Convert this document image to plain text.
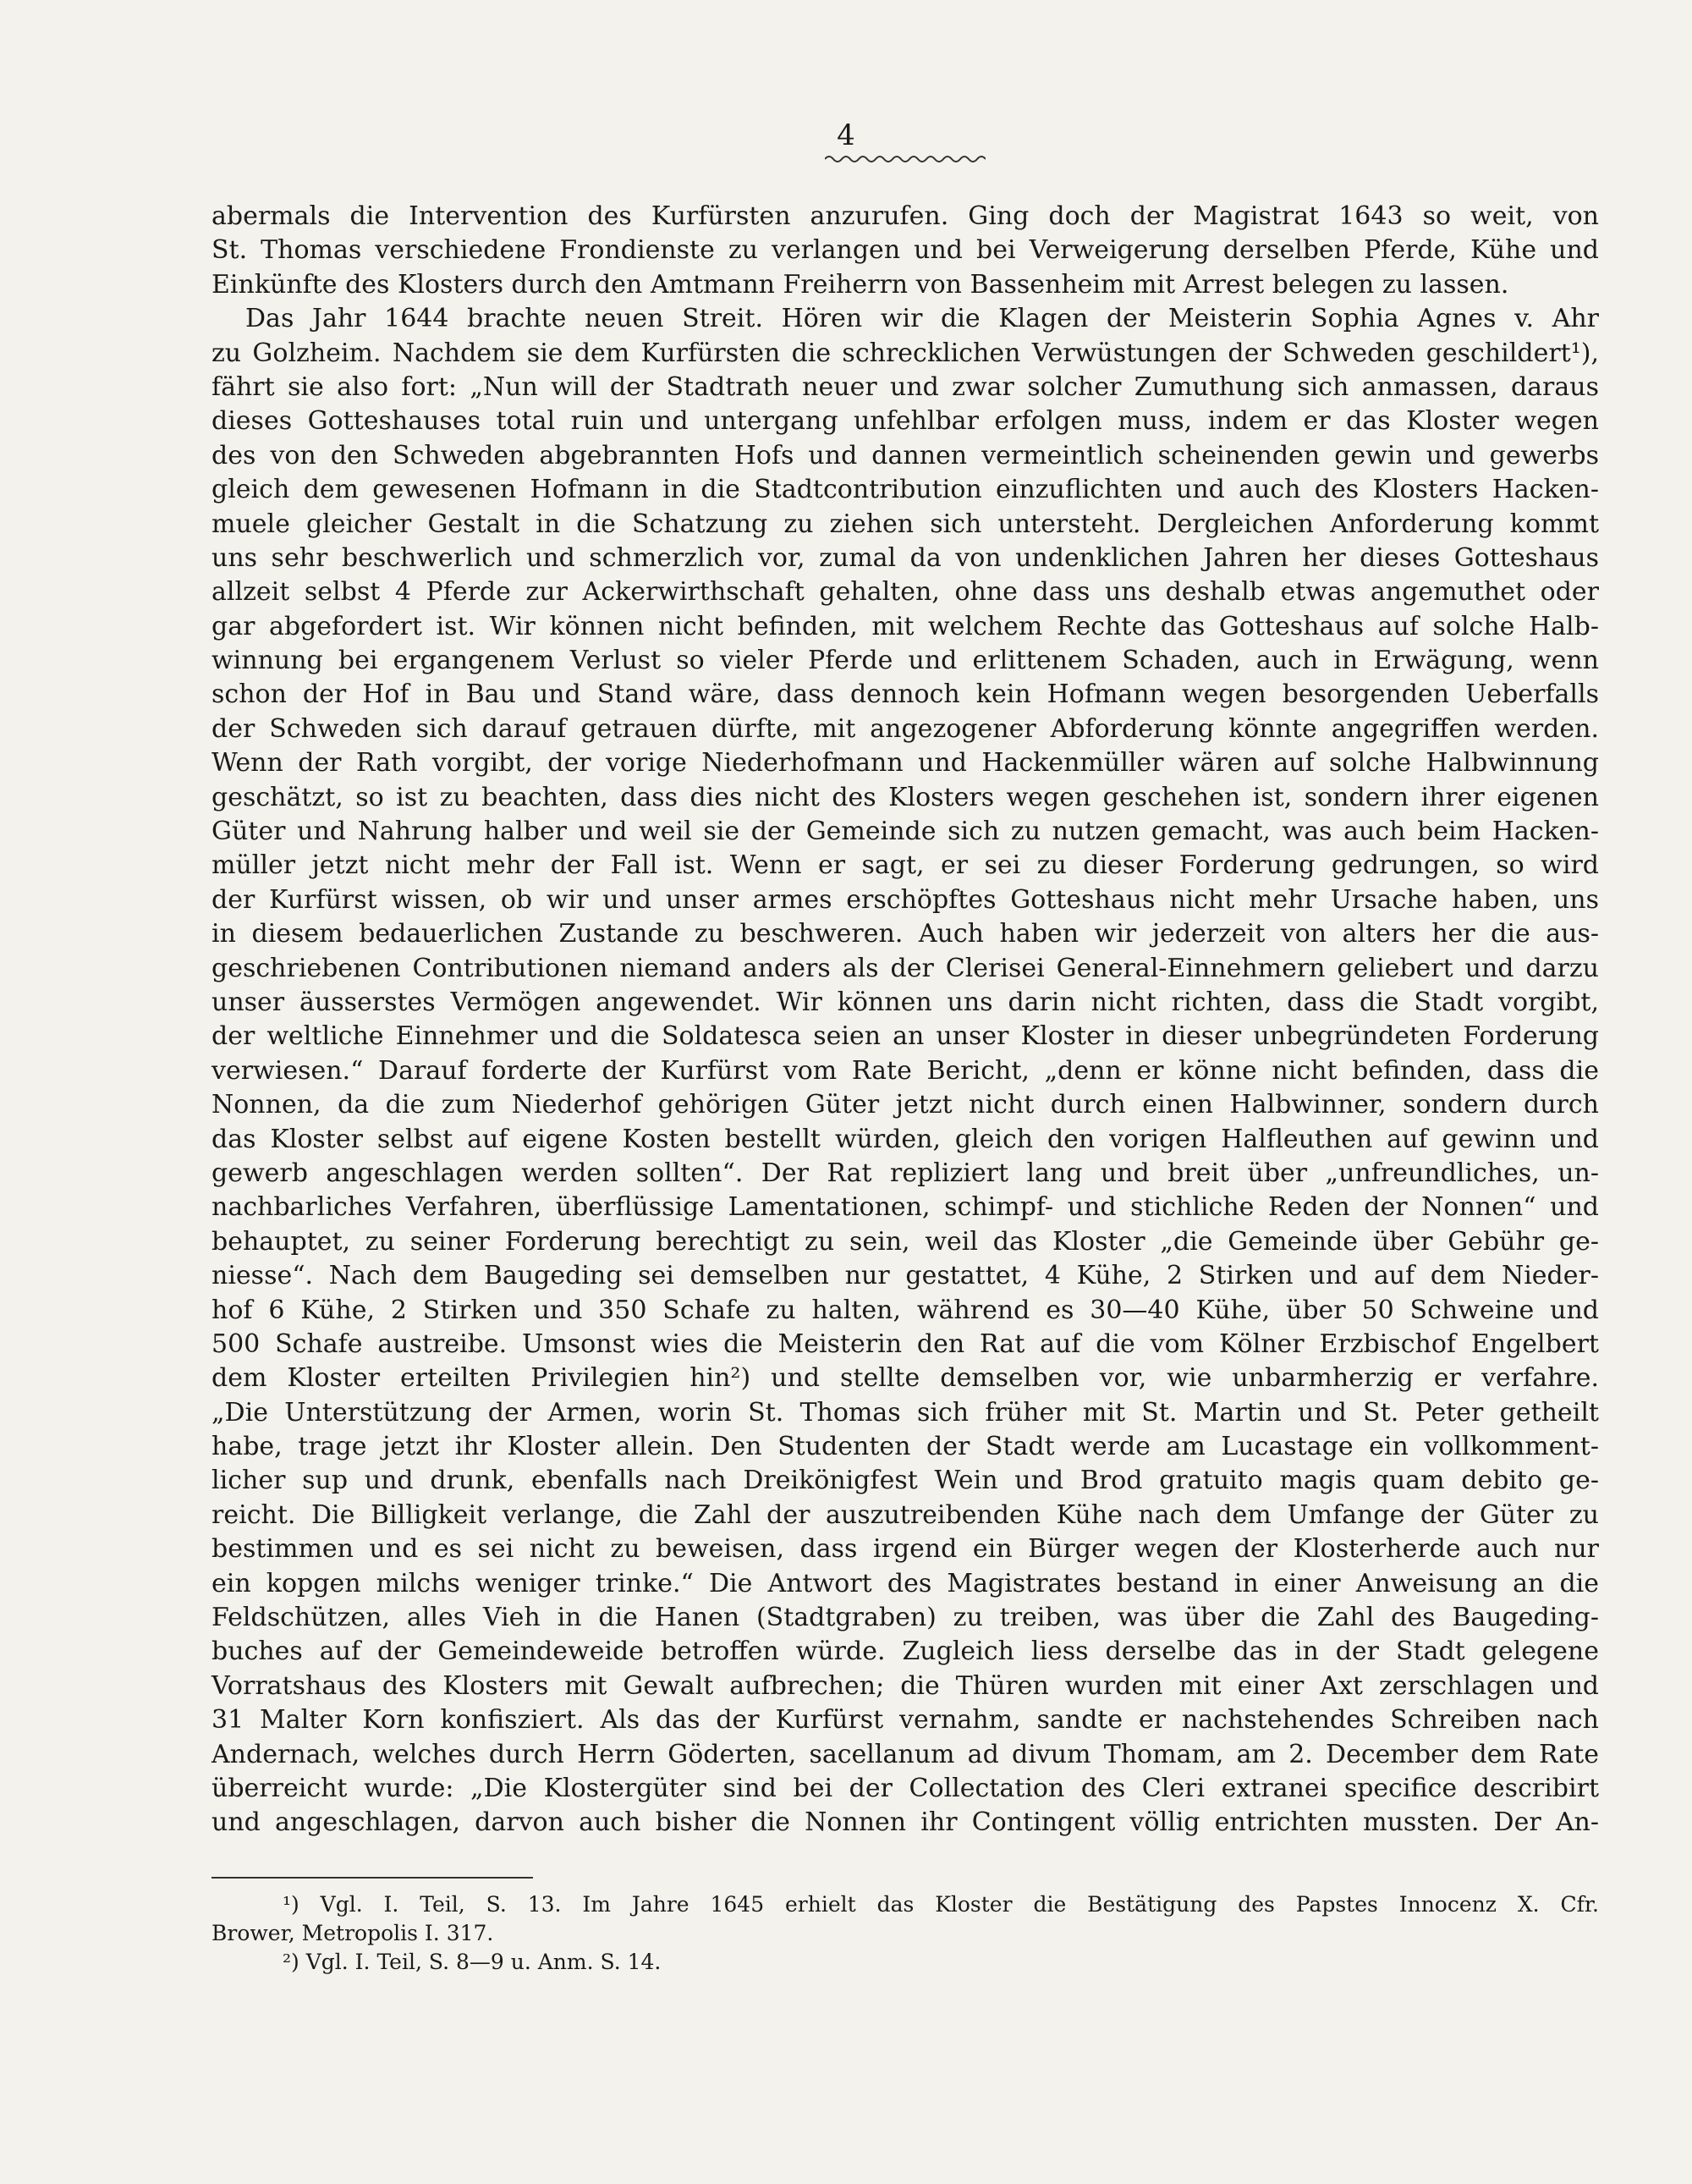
4
abermals die Intervention des Kurfürsten anzurufen. Ging doch der Magistrat 1643 so weit, von
St. Thomas verschiedene Frondienste zu verlangen und bei Verweigerung derselben Pferde, Kühe und
Einkünfte des Klosters durch den Amtmann Freiherrn von Bassenheim mit Arrest belegen zu lassen.
Das Jahr 1644 brachte neuen Streit. Hören wir die Klagen der Meisterin Sophia Agnes v. Ahr
zu Golzheim. Nachdem sie dem Kurfürsten die schrecklichen Verwüstungen der Schweden geschildert¹),
fährt sie also fort: „Nun will der Stadtrath neuer und zwar solcher Zumuthung sich anmassen, daraus
dieses Gotteshauses total ruin und untergang unfehlbar erfolgen muss, indem er das Kloster wegen
des von den Schweden abgebrannten Hofs und dannen vermeintlich scheinenden gewin und gewerbs
gleich dem gewesenen Hofmann in die Stadtcontribution einzuflichten und auch des Klosters Hacken-
muele gleicher Gestalt in die Schatzung zu ziehen sich untersteht. Dergleichen Anforderung kommt
uns sehr beschwerlich und schmerzlich vor, zumal da von undenklichen Jahren her dieses Gotteshaus
allzeit selbst 4 Pferde zur Ackerwirthschaft gehalten, ohne dass uns deshalb etwas angemuthet oder
gar abgefordert ist. Wir können nicht befinden, mit welchem Rechte das Gotteshaus auf solche Halb-
winnung bei ergangenem Verlust so vieler Pferde und erlittenem Schaden, auch in Erwägung, wenn
schon der Hof in Bau und Stand wäre, dass dennoch kein Hofmann wegen besorgenden Ueberfalls
der Schweden sich darauf getrauen dürfte, mit angezogener Abforderung könnte angegriffen werden.
Wenn der Rath vorgibt, der vorige Niederhofmann und Hackenmüller wären auf solche Halbwinnung
geschätzt, so ist zu beachten, dass dies nicht des Klosters wegen geschehen ist, sondern ihrer eigenen
Güter und Nahrung halber und weil sie der Gemeinde sich zu nutzen gemacht, was auch beim Hacken-
müller jetzt nicht mehr der Fall ist. Wenn er sagt, er sei zu dieser Forderung gedrungen, so wird
der Kurfürst wissen, ob wir und unser armes erschöpftes Gotteshaus nicht mehr Ursache haben, uns
in diesem bedauerlichen Zustande zu beschweren. Auch haben wir jederzeit von alters her die aus-
geschriebenen Contributionen niemand anders als der Clerisei General-Einnehmern geliebert und darzu
unser äusserstes Vermögen angewendet. Wir können uns darin nicht richten, dass die Stadt vorgibt,
der weltliche Einnehmer und die Soldatesca seien an unser Kloster in dieser unbegründeten Forderung
verwiesen.“ Darauf forderte der Kurfürst vom Rate Bericht, „denn er könne nicht befinden, dass die
Nonnen, da die zum Niederhof gehörigen Güter jetzt nicht durch einen Halbwinner, sondern durch
das Kloster selbst auf eigene Kosten bestellt würden, gleich den vorigen Halfleuthen auf gewinn und
gewerb angeschlagen werden sollten“. Der Rat repliziert lang und breit über „unfreundliches, un-
nachbarliches Verfahren, überflüssige Lamentationen, schimpf- und stichliche Reden der Nonnen“ und
behauptet, zu seiner Forderung berechtigt zu sein, weil das Kloster „die Gemeinde über Gebühr ge-
niesse“. Nach dem Baugeding sei demselben nur gestattet, 4 Kühe, 2 Stirken und auf dem Nieder-
hof 6 Kühe, 2 Stirken und 350 Schafe zu halten, während es 30—40 Kühe, über 50 Schweine und
500 Schafe austreibe. Umsonst wies die Meisterin den Rat auf die vom Kölner Erzbischof Engelbert
dem Kloster erteilten Privilegien hin²) und stellte demselben vor, wie unbarmherzig er verfahre.
„Die Unterstützung der Armen, worin St. Thomas sich früher mit St. Martin und St. Peter getheilt
habe, trage jetzt ihr Kloster allein. Den Studenten der Stadt werde am Lucastage ein vollkomment-
licher sup und drunk, ebenfalls nach Dreikönigfest Wein und Brod gratuito magis quam debito ge-
reicht. Die Billigkeit verlange, die Zahl der auszutreibenden Kühe nach dem Umfange der Güter zu
bestimmen und es sei nicht zu beweisen, dass irgend ein Bürger wegen der Klosterherde auch nur
ein kopgen milchs weniger trinke.“ Die Antwort des Magistrates bestand in einer Anweisung an die
Feldschützen, alles Vieh in die Hanen (Stadtgraben) zu treiben, was über die Zahl des Baugeding-
buches auf der Gemeindeweide betroffen würde. Zugleich liess derselbe das in der Stadt gelegene
Vorratshaus des Klosters mit Gewalt aufbrechen; die Thüren wurden mit einer Axt zerschlagen und
31 Malter Korn konfisziert. Als das der Kurfürst vernahm, sandte er nachstehendes Schreiben nach
Andernach, welches durch Herrn Göderten, sacellanum ad divum Thomam, am 2. December dem Rate
überreicht wurde: „Die Klostergüter sind bei der Collectation des Cleri extranei specifice describirt
und angeschlagen, darvon auch bisher die Nonnen ihr Contingent völlig entrichten mussten. Der An-
¹) Vgl. I. Teil, S. 13. Im Jahre 1645 erhielt das Kloster die Bestätigung des Papstes Innocenz X. Cfr.
Brower, Metropolis I. 317.
²) Vgl. I. Teil, S. 8—9 u. Anm. S. 14.
